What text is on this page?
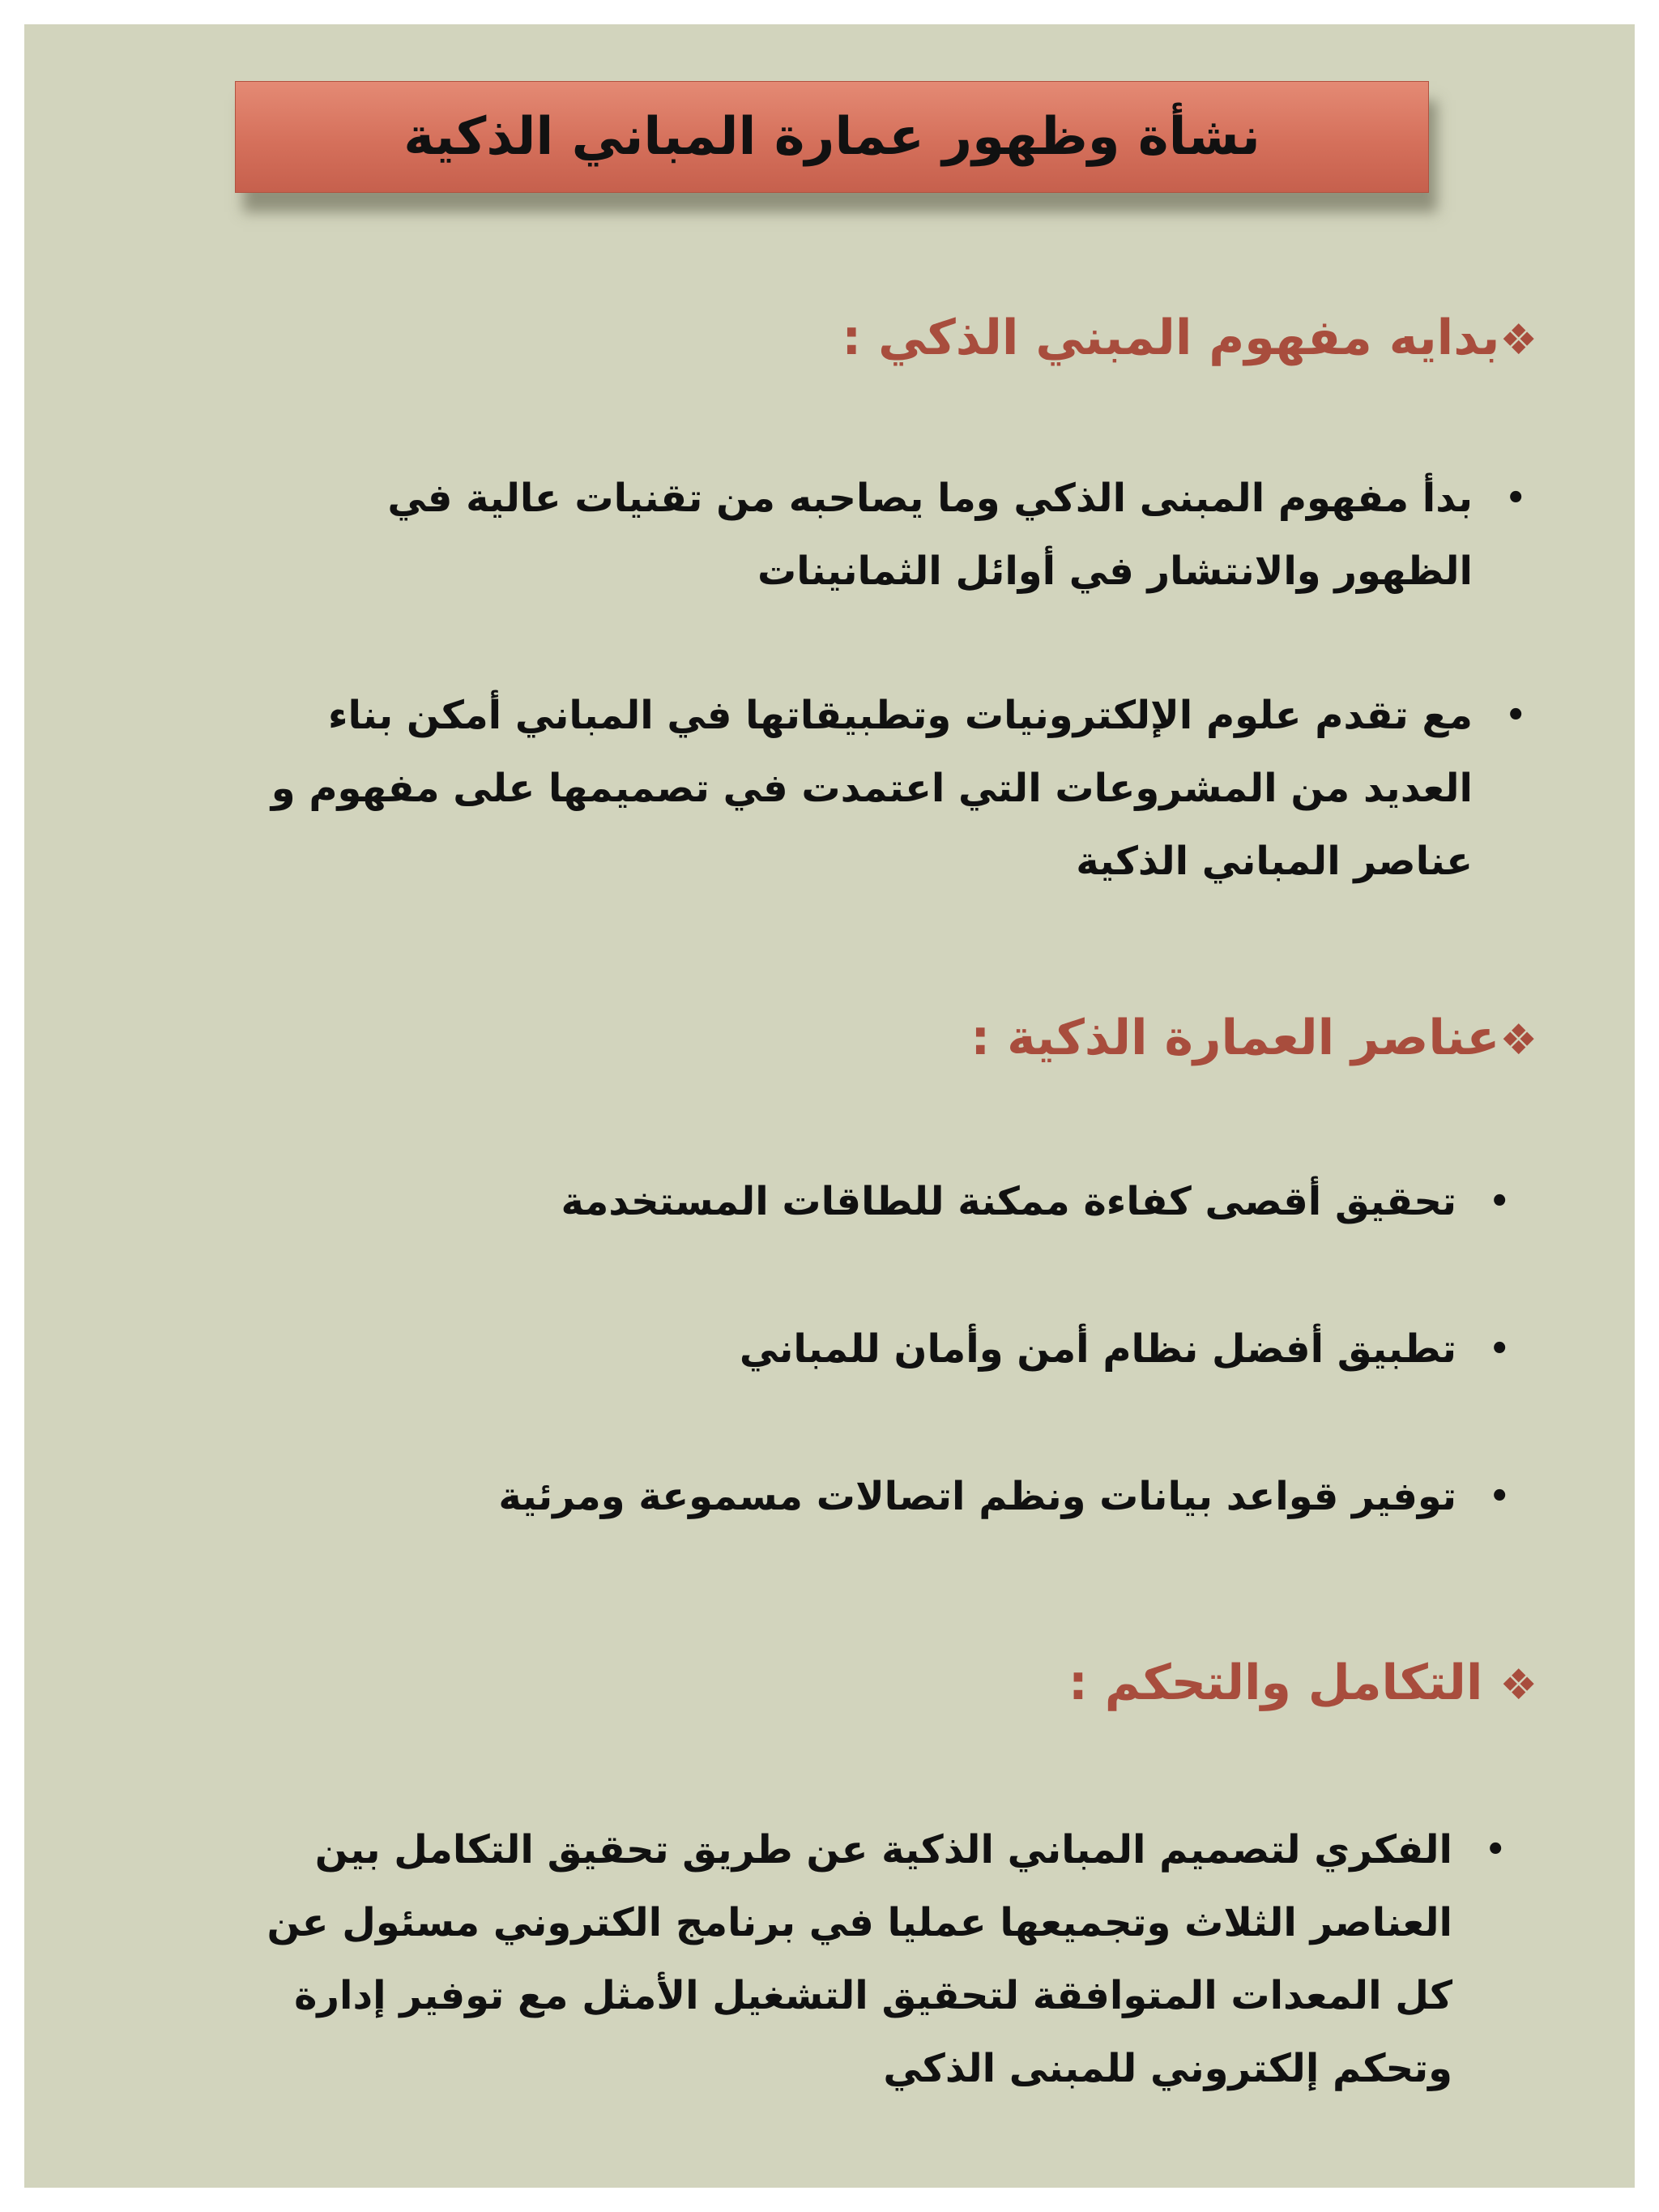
نشأة وظهور عمارة المباني الذكية
❖بدايه مفهوم المبني الذكي :
•
بدأ مفهوم المبنى الذكي وما يصاحبه من تقنيات عالية في الظهور والانتشار في أوائل الثمانينات
•
مع تقدم علوم الإلكترونيات وتطبيقاتها في المباني أمكن بناء العديد من المشروعات التي اعتمدت في تصميمها على مفهوم و عناصر المباني الذكية
❖عناصر العمارة الذكية :
•
تحقيق أقصى كفاءة ممكنة للطاقات المستخدمة
•
تطبيق أفضل نظام أمن وأمان للمباني
•
توفير قواعد بيانات ونظم اتصالات مسموعة ومرئية
❖ التكامل والتحكم :
•
الفكري لتصميم المباني الذكية عن طريق تحقيق التكامل بين العناصر الثلاث وتجميعها عمليا في برنامج الكتروني مسئول عن كل المعدات المتوافقة لتحقيق التشغيل الأمثل مع توفير إدارة وتحكم إلكتروني للمبنى الذكي
